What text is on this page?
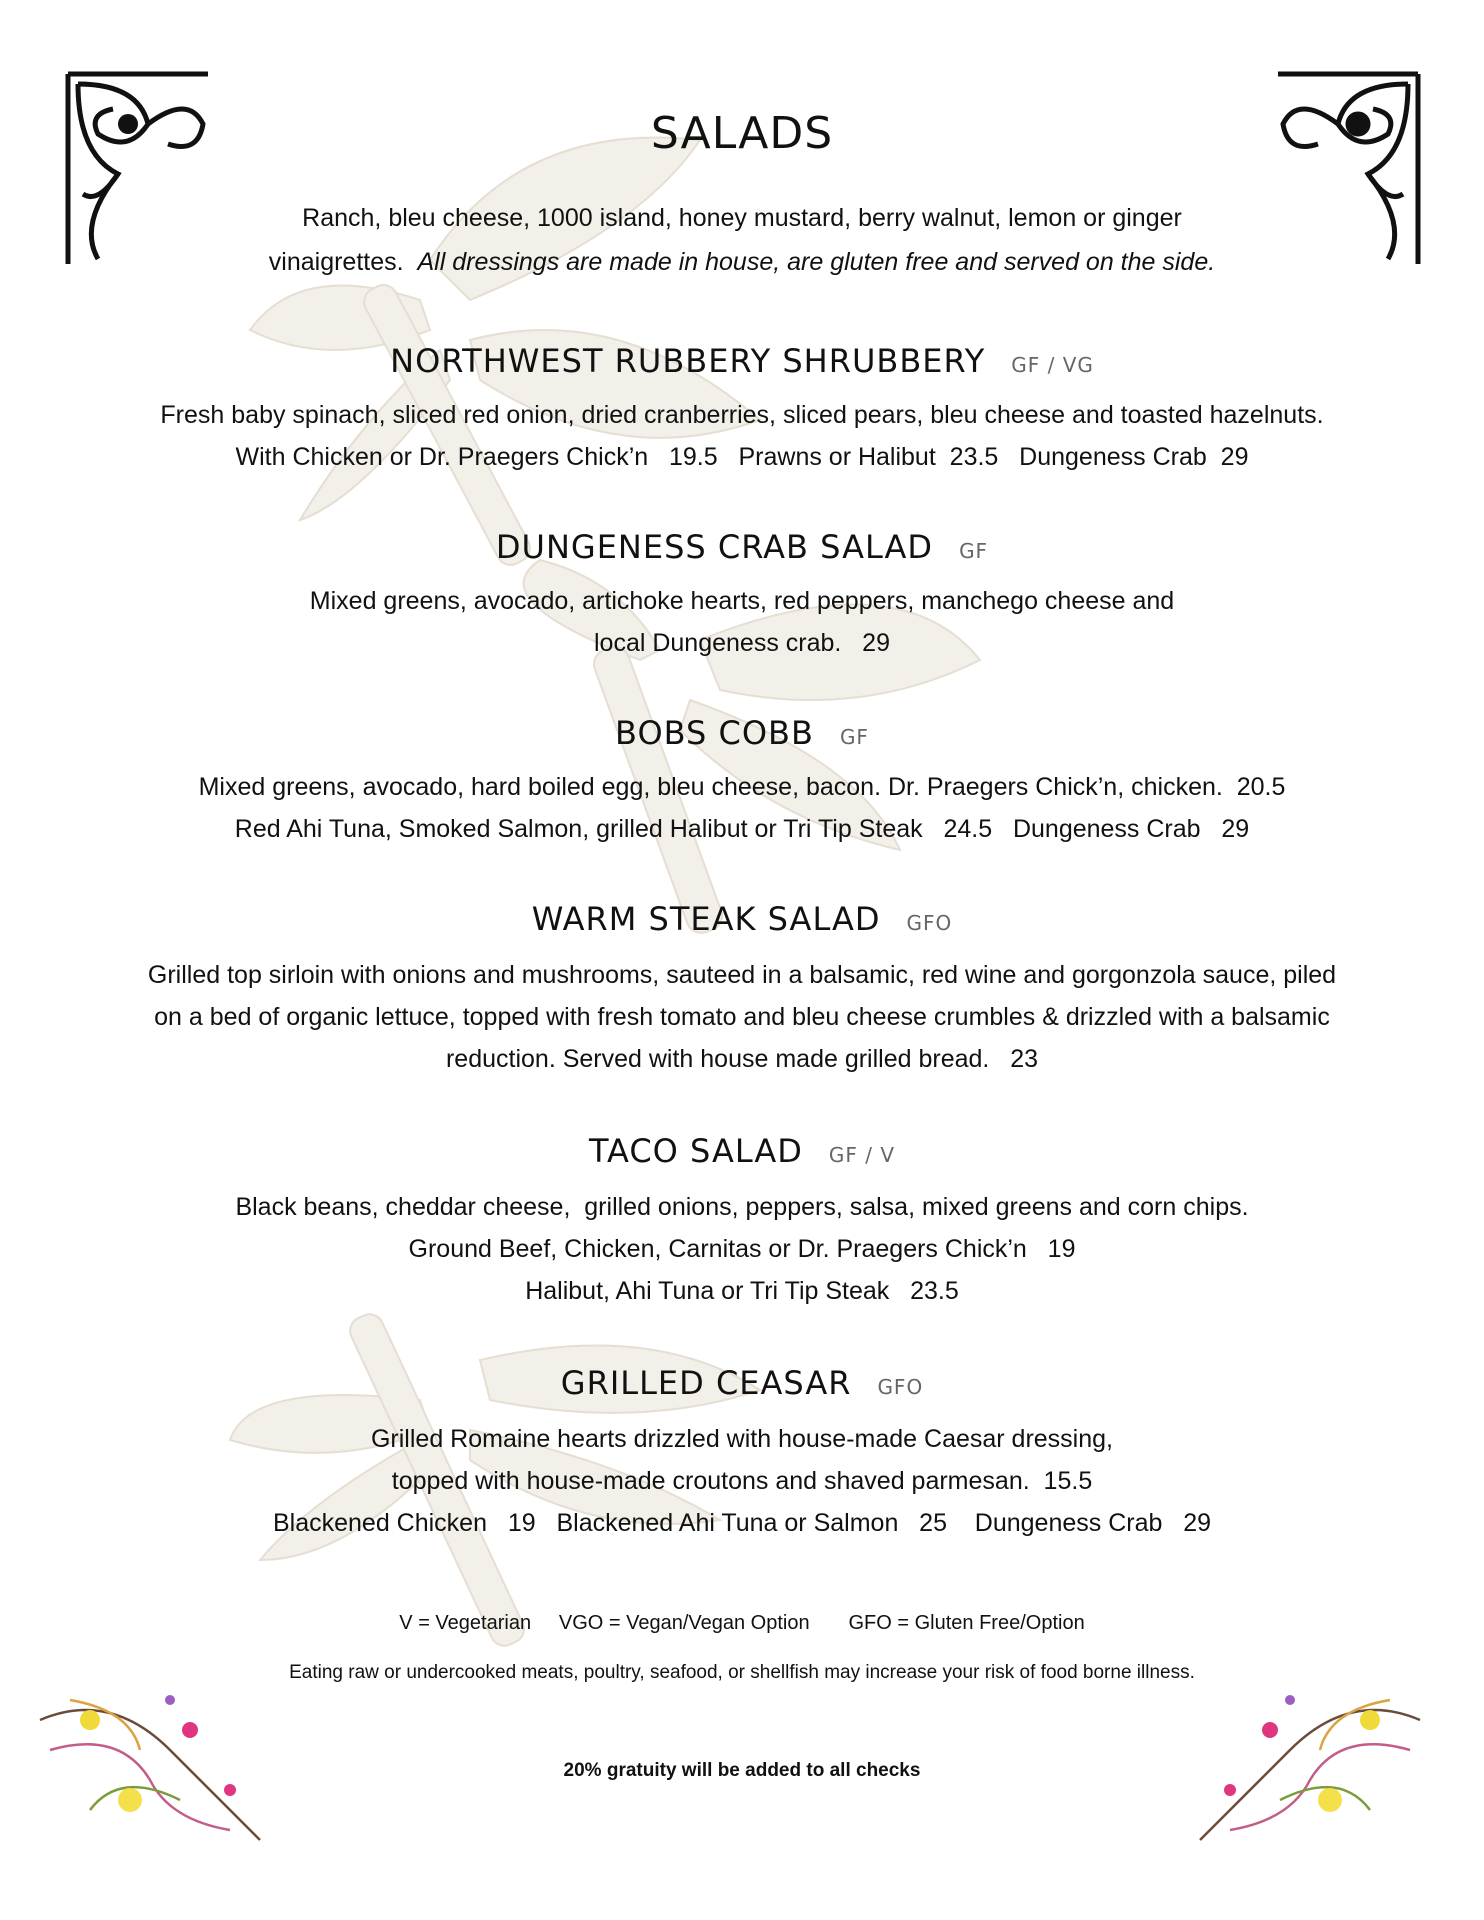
SALADS
Ranch, bleu cheese, 1000 island, honey mustard, berry walnut, lemon or ginger
vinaigrettes. All dressings are made in house, are gluten free and served on the side.
NORTHWEST RUBBERY SHRUBBERY GF / VG
Fresh baby spinach, sliced red onion, dried cranberries, sliced pears, bleu cheese and toasted hazelnuts.
With Chicken or Dr. Praegers Chick’n   19.5   Prawns or Halibut  23.5   Dungeness Crab  29
DUNGENESS CRAB SALAD GF
Mixed greens, avocado, artichoke hearts, red peppers, manchego cheese and
local Dungeness crab.   29
BOBS COBB GF
Mixed greens, avocado, hard boiled egg, bleu cheese, bacon. Dr. Praegers Chick’n, chicken.  20.5
Red Ahi Tuna, Smoked Salmon, grilled Halibut or Tri Tip Steak   24.5   Dungeness Crab   29
WARM STEAK SALAD GFO
Grilled top sirloin with onions and mushrooms, sauteed in a balsamic, red wine and gorgonzola sauce, piled
on a bed of organic lettuce, topped with fresh tomato and bleu cheese crumbles & drizzled with a balsamic
reduction. Served with house made grilled bread.   23
TACO SALAD GF / V
Black beans, cheddar cheese,  grilled onions, peppers, salsa, mixed greens and corn chips.
Ground Beef, Chicken, Carnitas or Dr. Praegers Chick’n   19
Halibut, Ahi Tuna or Tri Tip Steak   23.5
GRILLED CEASAR GFO
Grilled Romaine hearts drizzled with house-made Caesar dressing,
topped with house-made croutons and shaved parmesan.  15.5
Blackened Chicken   19   Blackened Ahi Tuna or Salmon   25    Dungeness Crab   29
V = Vegetarian     VGO = Vegan/Vegan Option       GFO = Gluten Free/Option
Eating raw or undercooked meats, poultry, seafood, or shellfish may increase your risk of food borne illness.
20% gratuity will be added to all checks
